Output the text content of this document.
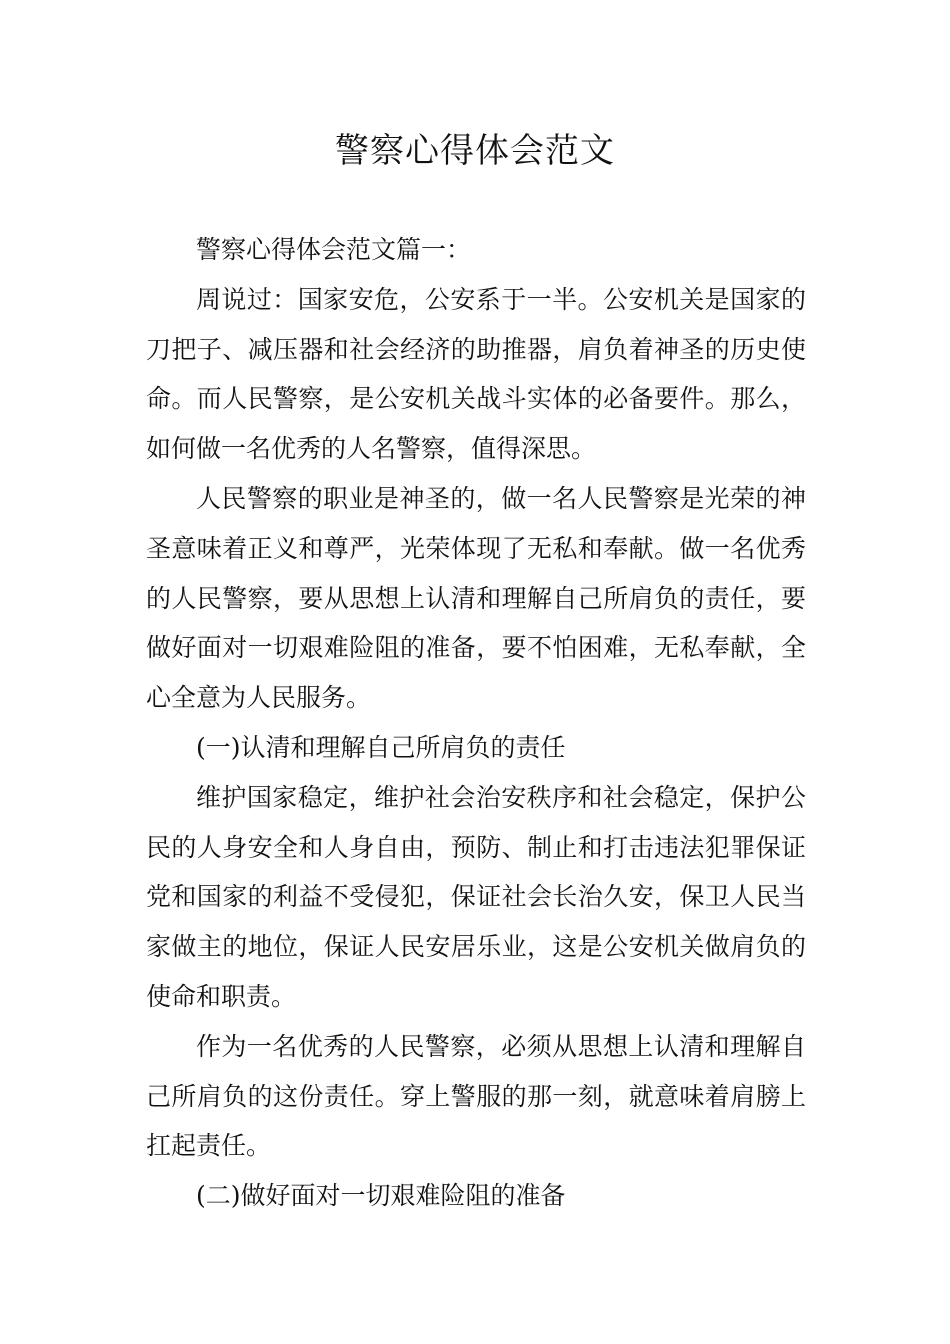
警察心得体会范文

警察心得体会范文篇一：

周说过：国家安危，公安系于一半。公安机关是国家的刀把子、减压器和社会经济的助推器，肩负着神圣的历史使命。而人民警察，是公安机关战斗实体的必备要件。那么，如何做一名优秀的人名警察，值得深思。

人民警察的职业是神圣的，做一名人民警察是光荣的神圣意味着正义和尊严，光荣体现了无私和奉献。做一名优秀的人民警察，要从思想上认清和理解自己所肩负的责任，要做好面对一切艰难险阻的准备，要不怕困难，无私奉献，全心全意为人民服务。

(一)认清和理解自己所肩负的责任

维护国家稳定，维护社会治安秩序和社会稳定，保护公民的人身安全和人身自由，预防、制止和打击违法犯罪保证党和国家的利益不受侵犯，保证社会长治久安，保卫人民当家做主的地位，保证人民安居乐业，这是公安机关做肩负的使命和职责。

作为一名优秀的人民警察，必须从思想上认清和理解自己所肩负的这份责任。穿上警服的那一刻，就意味着肩膀上扛起责任。

(二)做好面对一切艰难险阻的准备
